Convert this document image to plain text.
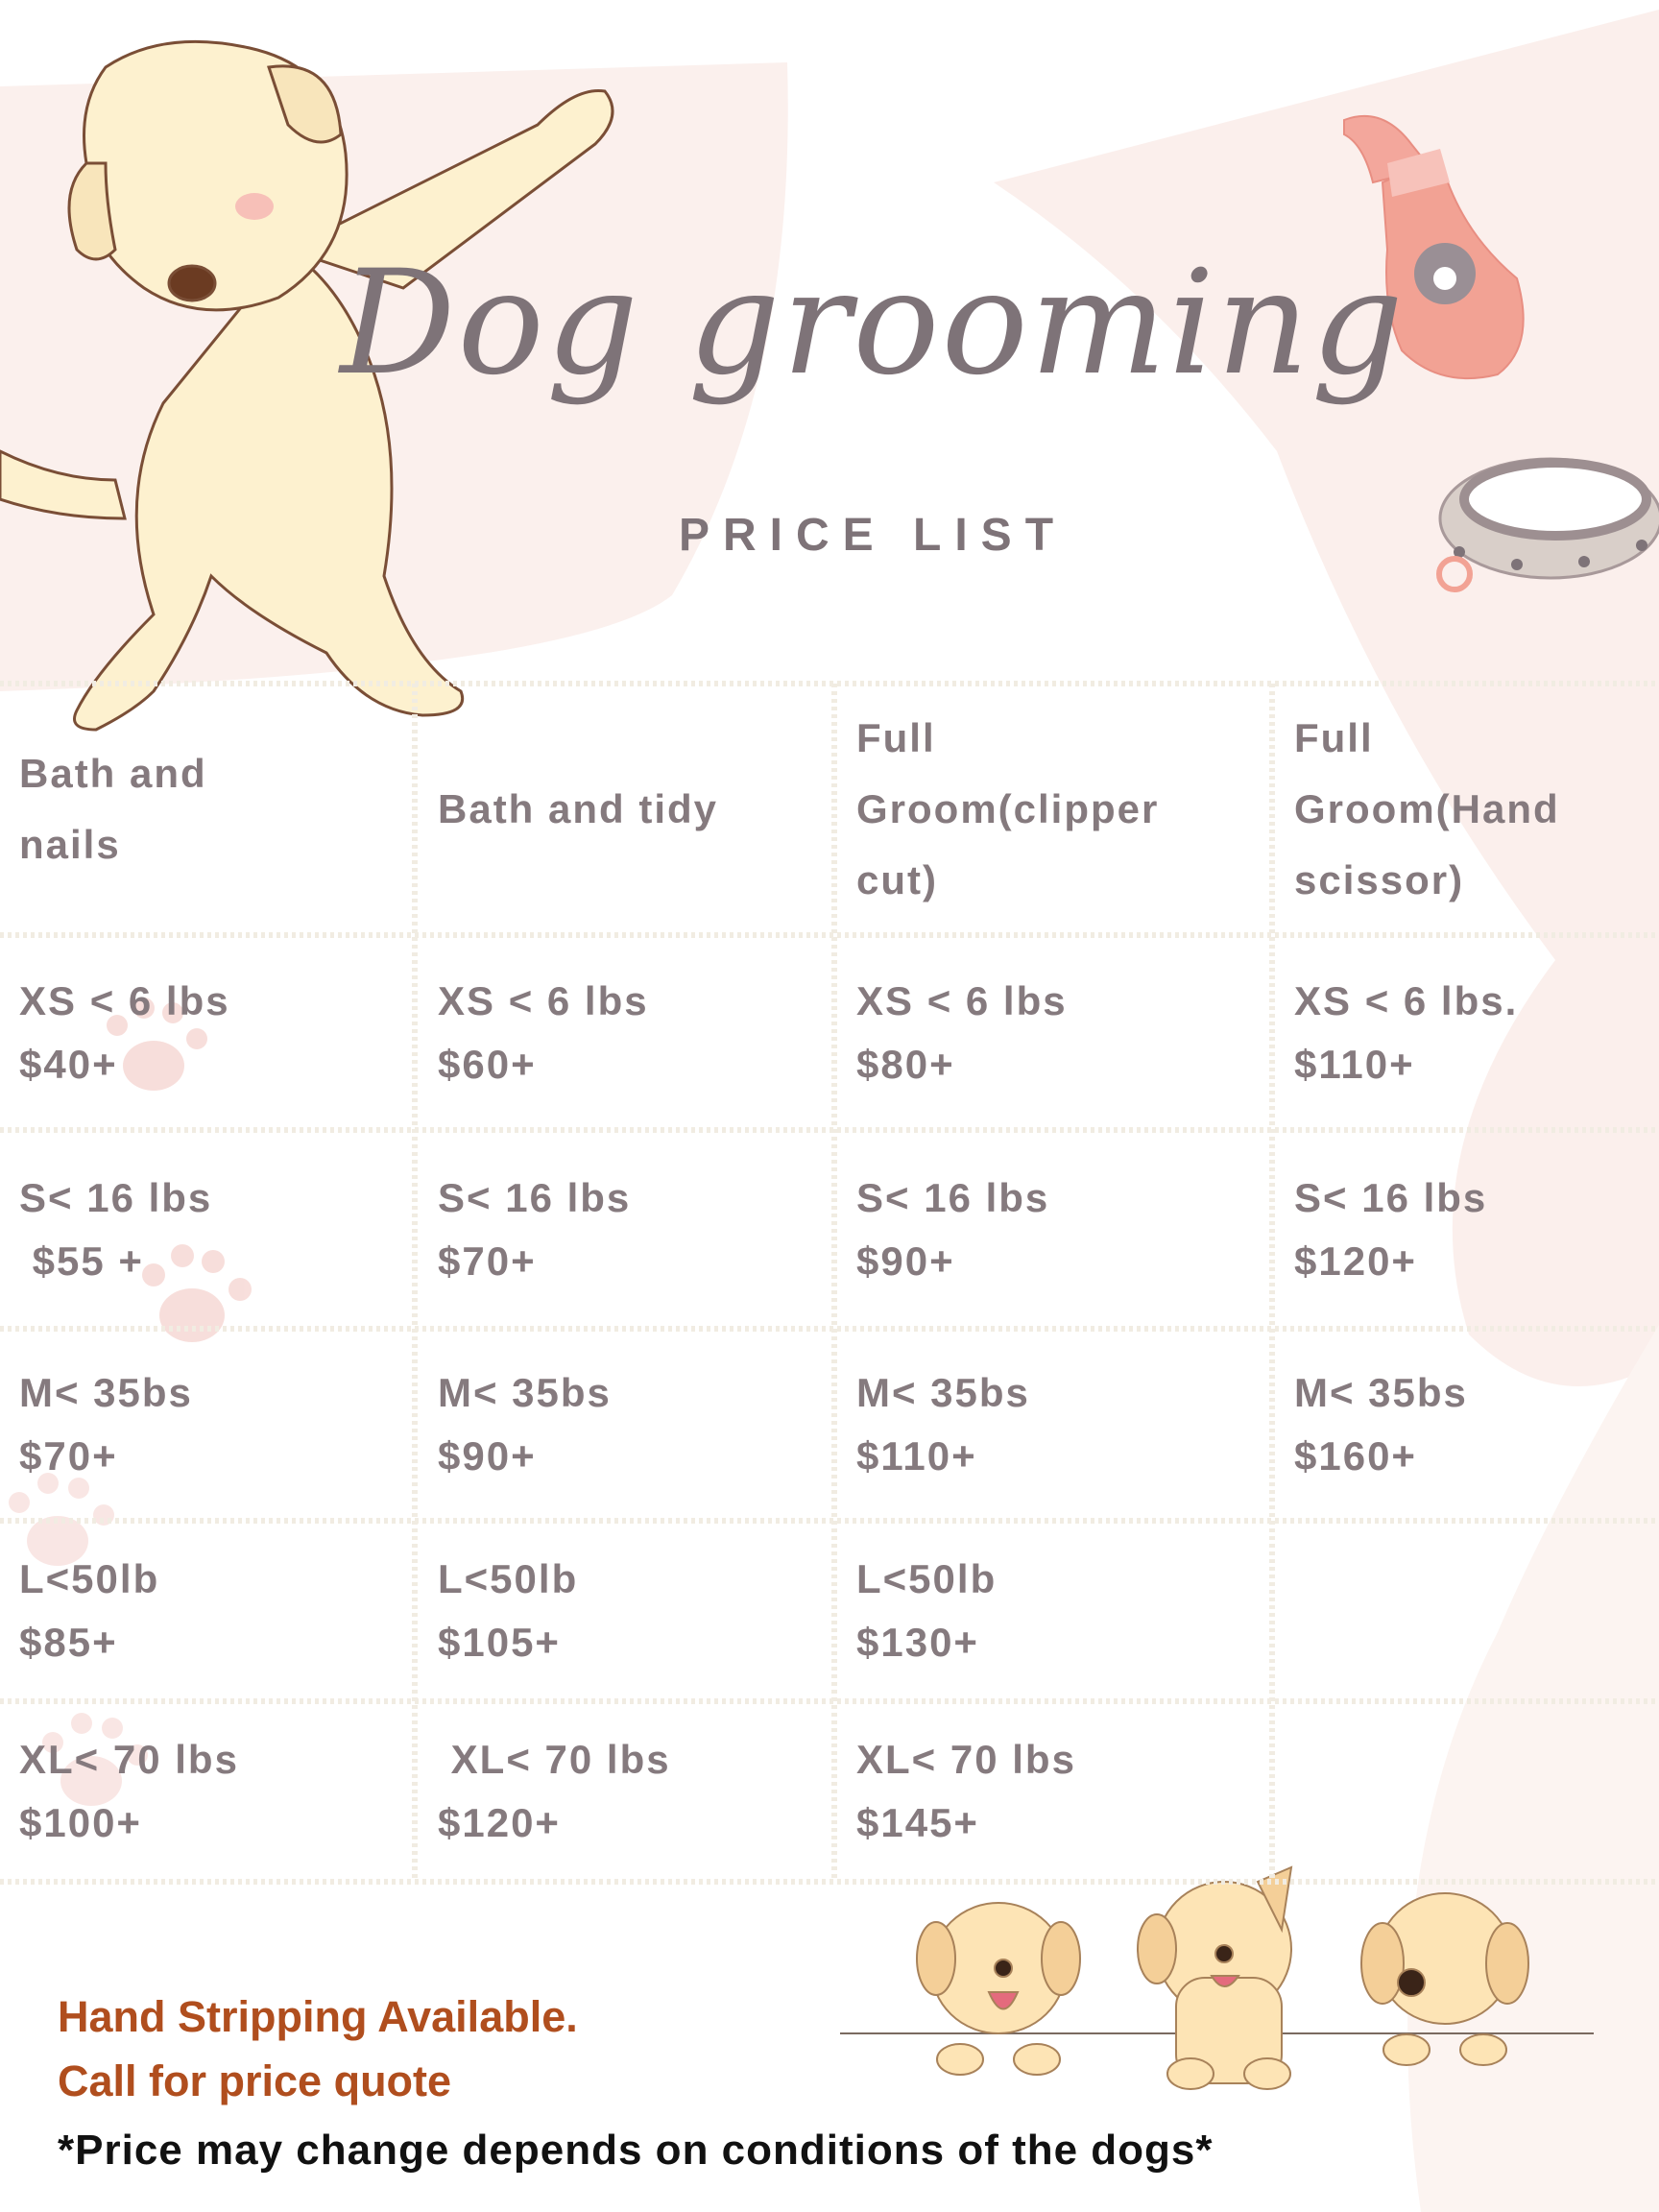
Dog grooming
PRICE LIST
Bath and
nails
Bath and tidy
Full
Groom(clipper
cut)
Full
Groom(Hand
scissor)
XS < 6 lbs
$40+
XS < 6 lbs
$60+
XS < 6 lbs
$80+
XS < 6 lbs.
$110+
S< 16 lbs
$55 +
S< 16 lbs
$70+
S< 16 lbs
$90+
S< 16 lbs
$120+
M< 35bs
$70+
M< 35bs
$90+
M< 35bs
$110+
M< 35bs
$160+
L<50lb
$85+
L<50lb
$105+
L<50lb
$130+
XL< 70 lbs
$100+
XL< 70 lbs
$120+
XL< 70 lbs
$145+
Hand Stripping Available.
Call for price quote
*Price may change depends on conditions of the dogs*
